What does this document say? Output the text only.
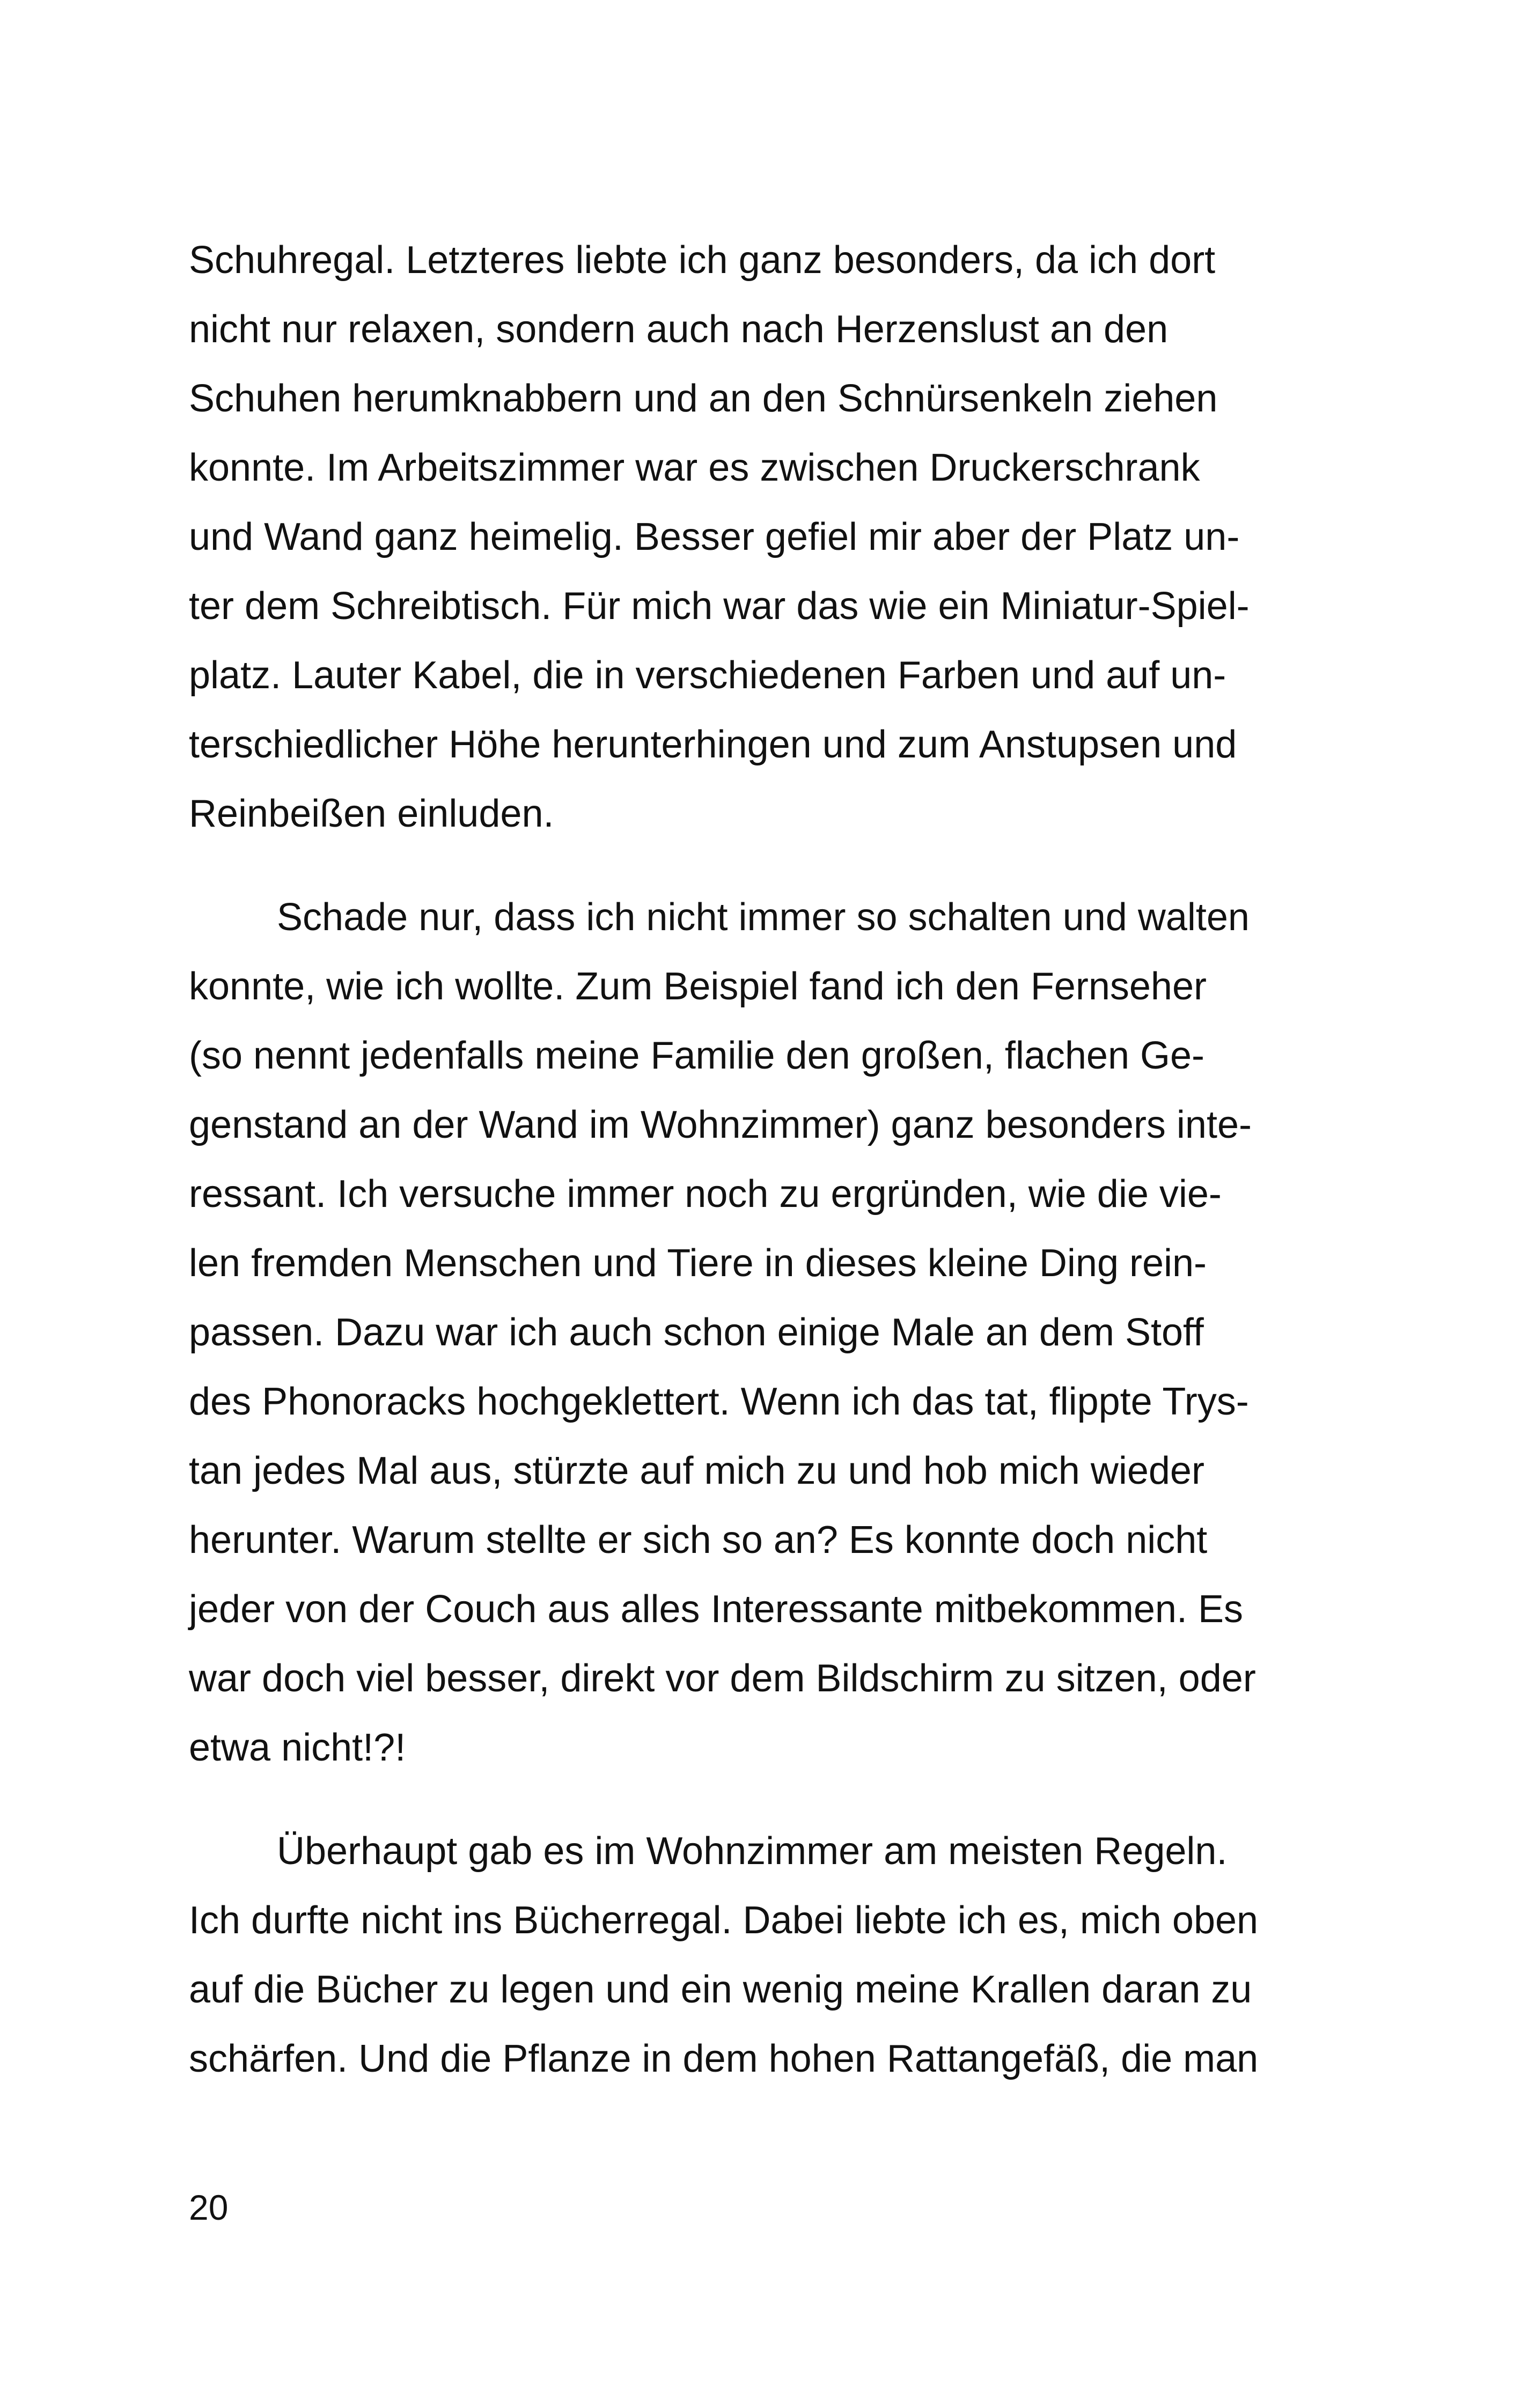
Schuhregal. Letzteres liebte ich ganz besonders, da ich dort
nicht nur relaxen, sondern auch nach Herzenslust an den
Schuhen herumknabbern und an den Schnürsenkeln ziehen
konnte. Im Arbeitszimmer war es zwischen Druckerschrank
und Wand ganz heimelig. Besser gefiel mir aber der Platz un-
ter dem Schreibtisch. Für mich war das wie ein Miniatur-Spiel-
platz. Lauter Kabel, die in verschiedenen Farben und auf un-
terschiedlicher Höhe herunterhingen und zum Anstupsen und
Reinbeißen einluden.
Schade nur, dass ich nicht immer so schalten und walten
konnte, wie ich wollte. Zum Beispiel fand ich den Fernseher
(so nennt jedenfalls meine Familie den großen, flachen Ge-
genstand an der Wand im Wohnzimmer) ganz besonders inte-
ressant. Ich versuche immer noch zu ergründen, wie die vie-
len fremden Menschen und Tiere in dieses kleine Ding rein-
passen. Dazu war ich auch schon einige Male an dem Stoff
des Phonoracks hochgeklettert. Wenn ich das tat, flippte Trys-
tan jedes Mal aus, stürzte auf mich zu und hob mich wieder
herunter. Warum stellte er sich so an? Es konnte doch nicht
jeder von der Couch aus alles Interessante mitbekommen. Es
war doch viel besser, direkt vor dem Bildschirm zu sitzen, oder
etwa nicht!?!
Überhaupt gab es im Wohnzimmer am meisten Regeln.
Ich durfte nicht ins Bücherregal. Dabei liebte ich es, mich oben
auf die Bücher zu legen und ein wenig meine Krallen daran zu
schärfen. Und die Pflanze in dem hohen Rattangefäß, die man
20
